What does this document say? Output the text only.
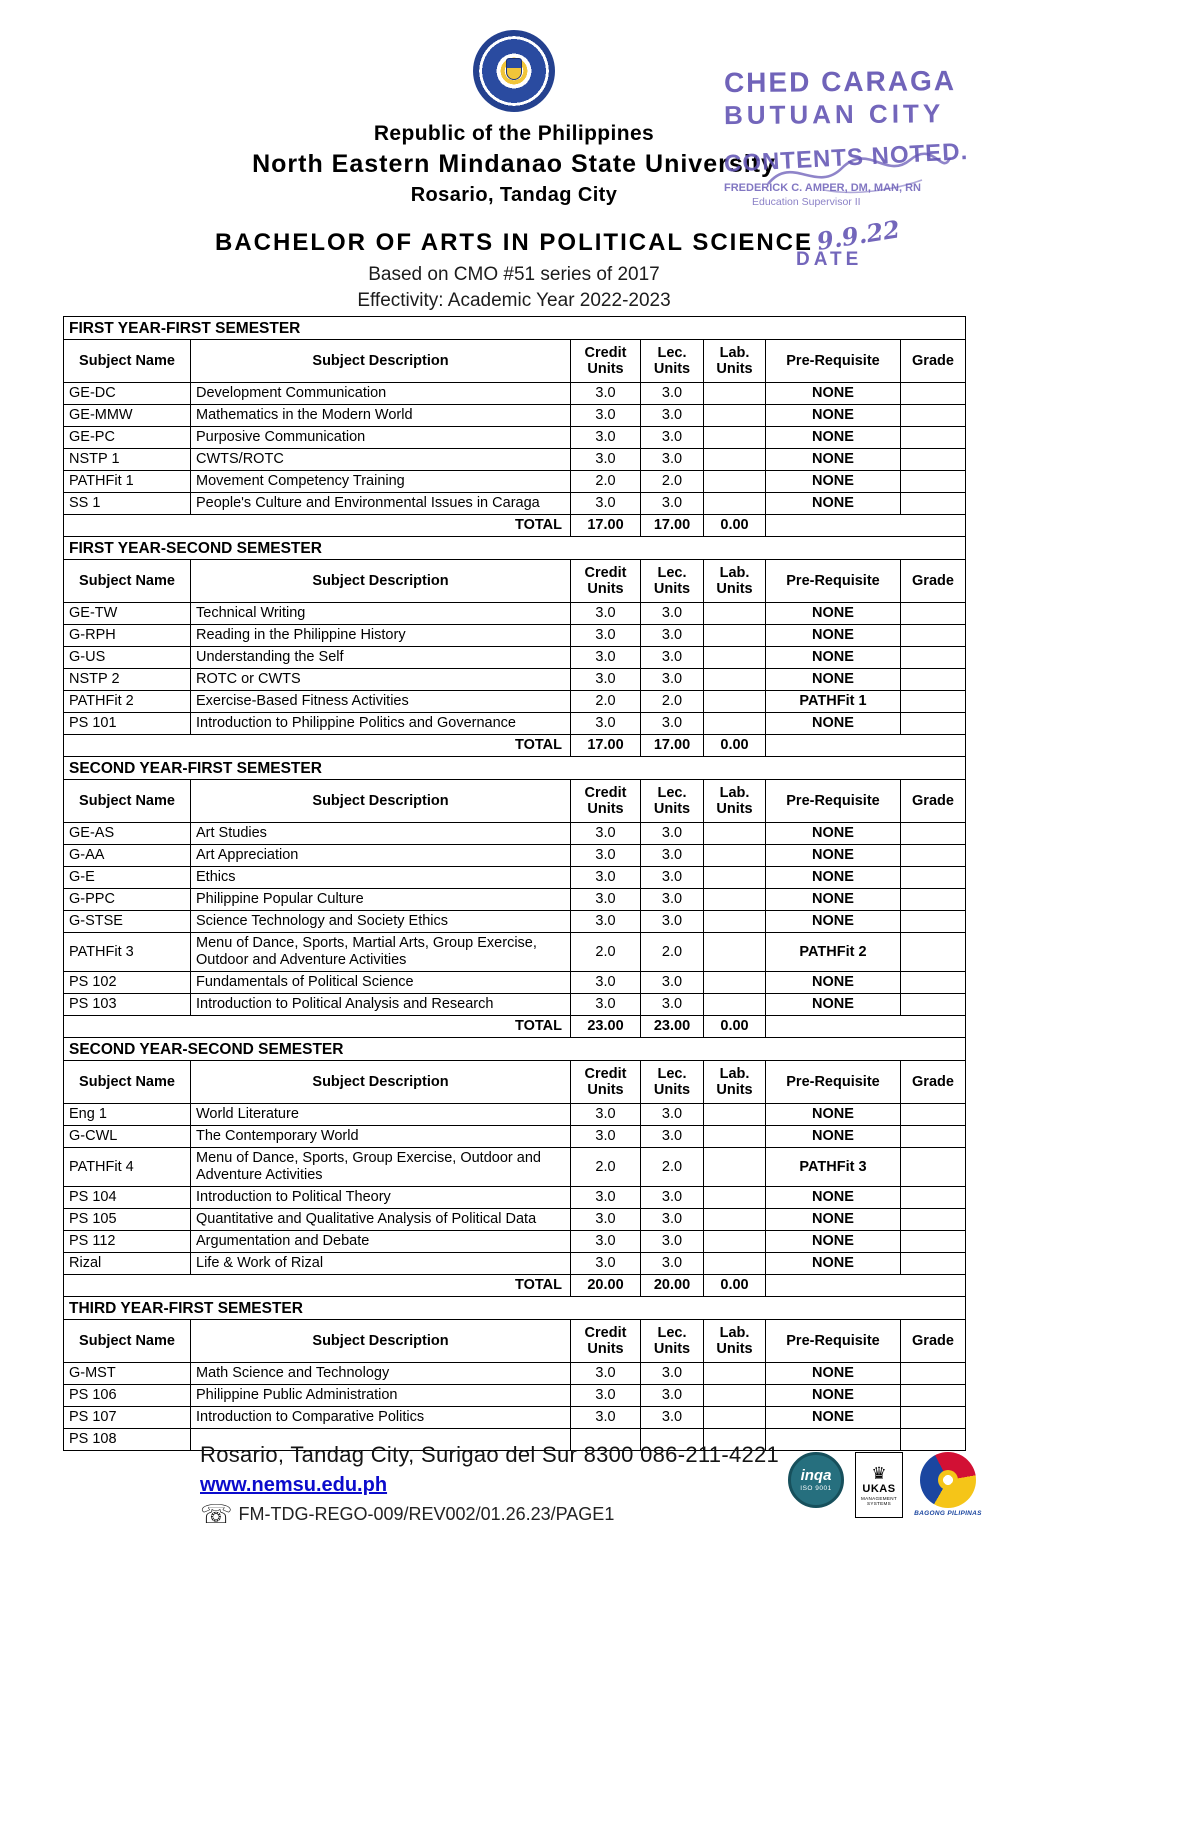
Republic of the Philippines
North Eastern Mindanao State University
Rosario, Tandag City
BACHELOR OF ARTS IN POLITICAL SCIENCE
Based on CMO #51 series of 2017
Effectivity: Academic Year 2022-2023
CHED CARAGA
BUTUAN CITY
CONTENTS NOTED.
FREDERICK C. AMPER, DM, MAN, RN
Education Supervisor II
9.9.22
DATE
FIRST YEAR-FIRST SEMESTER						
Subject Name	Subject Description	Credit Units	Lec. Units	Lab. Units	Pre-Requisite	Grade
GE-DC	Development Communication	3.0	3.0		NONE	
GE-MMW	Mathematics in the Modern World	3.0	3.0		NONE	
GE-PC	Purposive Communication	3.0	3.0		NONE	
NSTP 1	CWTS/ROTC	3.0	3.0		NONE	
PATHFit 1	Movement Competency Training	2.0	2.0		NONE	
SS 1	People's Culture and Environmental Issues in Caraga	3.0	3.0		NONE	
TOTAL		17.00	17.00	0.00		
FIRST YEAR-SECOND SEMESTER						
Subject Name	Subject Description	Credit Units	Lec. Units	Lab. Units	Pre-Requisite	Grade
GE-TW	Technical Writing	3.0	3.0		NONE	
G-RPH	Reading in the Philippine History	3.0	3.0		NONE	
G-US	Understanding the Self	3.0	3.0		NONE	
NSTP 2	ROTC or CWTS	3.0	3.0		NONE	
PATHFit 2	Exercise-Based Fitness Activities	2.0	2.0		PATHFit 1	
PS 101	Introduction to Philippine Politics and Governance	3.0	3.0		NONE	
TOTAL		17.00	17.00	0.00		
SECOND YEAR-FIRST SEMESTER						
Subject Name	Subject Description	Credit Units	Lec. Units	Lab. Units	Pre-Requisite	Grade
GE-AS	Art Studies	3.0	3.0		NONE	
G-AA	Art Appreciation	3.0	3.0		NONE	
G-E	Ethics	3.0	3.0		NONE	
G-PPC	Philippine Popular Culture	3.0	3.0		NONE	
G-STSE	Science Technology and Society Ethics	3.0	3.0		NONE	
PATHFit 3	Menu of Dance, Sports, Martial Arts, Group Exercise, Outdoor and Adventure Activities	2.0	2.0		PATHFit 2	
PS 102	Fundamentals of Political Science	3.0	3.0		NONE	
PS 103	Introduction to Political Analysis and Research	3.0	3.0		NONE	
TOTAL		23.00	23.00	0.00		
SECOND YEAR-SECOND SEMESTER						
Subject Name	Subject Description	Credit Units	Lec. Units	Lab. Units	Pre-Requisite	Grade
Eng 1	World Literature	3.0	3.0		NONE	
G-CWL	The Contemporary World	3.0	3.0		NONE	
PATHFit 4	Menu of Dance, Sports, Group Exercise, Outdoor and Adventure Activities	2.0	2.0		PATHFit 3	
PS 104	Introduction to Political Theory	3.0	3.0		NONE	
PS 105	Quantitative and Qualitative Analysis of Political Data	3.0	3.0		NONE	
PS 112	Argumentation and Debate	3.0	3.0		NONE	
Rizal	Life & Work of Rizal	3.0	3.0		NONE	
TOTAL		20.00	20.00	0.00		
THIRD YEAR-FIRST SEMESTER						
Subject Name	Subject Description	Credit Units	Lec. Units	Lab. Units	Pre-Requisite	Grade
G-MST	Math Science and Technology	3.0	3.0		NONE	
PS 106	Philippine Public Administration	3.0	3.0		NONE	
PS 107	Introduction to Comparative Politics	3.0	3.0		NONE	
PS 108						
Rosario, Tandag City, Surigao del Sur 8300 086-211-4221
www.nemsu.edu.ph
☏ FM-TDG-REGO-009/REV002/01.26.23/PAGE1
inqa
ISO 9001
♛
UKAS
MANAGEMENT SYSTEMS
BAGONG PILIPINAS
